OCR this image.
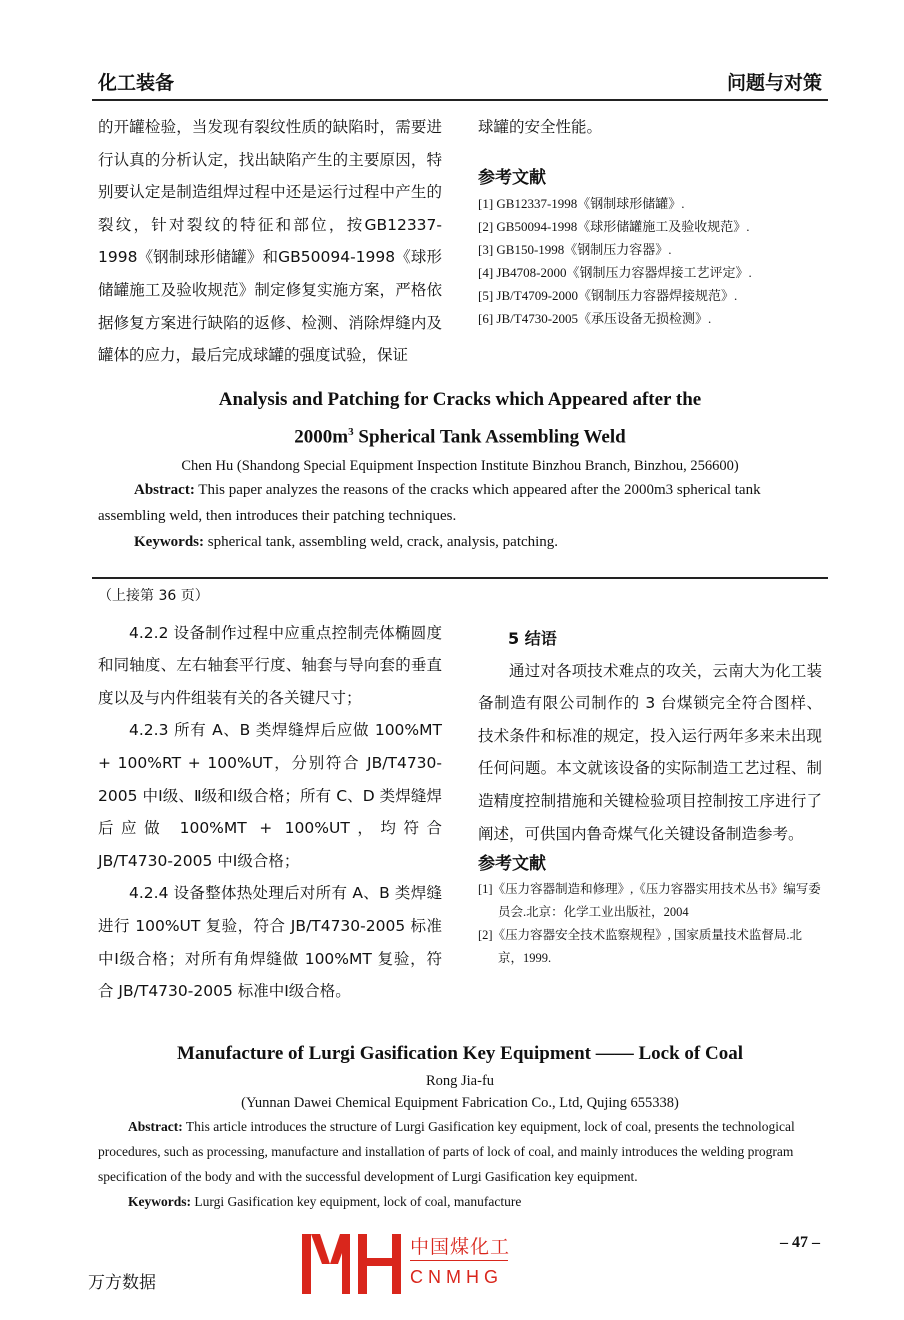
化工装备	问题与对策
的开罐检验，当发现有裂纹性质的缺陷时，需要进行认真的分析认定，找出缺陷产生的主要原因，特别要认定是制造组焊过程中还是运行过程中产生的裂纹，针对裂纹的特征和部位，按GB12337-1998《钢制球形储罐》和GB50094-1998《球形储罐施工及验收规范》制定修复实施方案，严格依据修复方案进行缺陷的返修、检测、消除焊缝内及罐体的应力，最后完成球罐的强度试验，保证
球罐的安全性能。
参考文献
[1] GB12337-1998《钢制球形储罐》.
[2] GB50094-1998《球形储罐施工及验收规范》.
[3] GB150-1998《钢制压力容器》.
[4] JB4708-2000《钢制压力容器焊接工艺评定》.
[5] JB/T4709-2000《钢制压力容器焊接规范》.
[6] JB/T4730-2005《承压设备无损检测》.
Analysis and Patching for Cracks which Appeared after the
$2000m^3$ Spherical Tank Assembling Weld
Chen Hu (Shandong Special Equipment Inspection Institute Binzhou Branch, Binzhou, 256600)
Abstract: This paper analyzes the reasons of the cracks which appeared after the 2000m3 spherical tank assembling weld, then introduces their patching techniques.
Keywords: spherical tank, assembling weld, crack, analysis, patching.
（上接第 36 页）

4.2.2 设备制作过程中应重点控制壳体椭圆度和同轴度、左右轴套平行度、轴套与导向套的垂直度以及与内件组装有关的各关键尺寸；

4.2.3 所有 A、B 类焊缝焊后应做 100%MT + 100%RT + 100%UT，分别符合 JB/T4730-2005 中Ⅰ级、Ⅱ级和Ⅰ级合格；所有 C、D 类焊缝焊后应做 100%MT + 100%UT，均符合 JB/T4730-2005 中Ⅰ级合格；

4.2.4 设备整体热处理后对所有 A、B 类焊缝进行 100%UT 复验，符合 JB/T4730-2005 标准中Ⅰ级合格；对所有角焊缝做 100%MT 复验，符合 JB/T4730-2005 标准中Ⅰ级合格。

5 结语
通过对各项技术难点的攻关，云南大为化工装备制造有限公司制作的 3 台煤锁完全符合图样、技术条件和标准的规定，投入运行两年多来未出现任何问题。本文就该设备的实际制造工艺过程、制造精度控制措施和关键检验项目控制按工序进行了阐述，可供国内鲁奇煤气化关键设备制造参考。
参考文献
[1]《压力容器制造和修理》,《压力容器实用技术丛书》编写委员会.北京：化学工业出版社，2004
[2]《压力容器安全技术监察规程》, 国家质量技术监督局.北京，1999.
Manufacture of Lurgi Gasification Key Equipment —— Lock of Coal
Rong Jia-fu
(Yunnan Dawei Chemical Equipment Fabrication Co., Ltd, Qujing 655338)
Abstract: This article introduces the structure of Lurgi Gasification key equipment, lock of coal, presents the technological procedures, such as processing, manufacture and installation of parts of lock of coal, and mainly introduces the welding program specification of the body and with the successful development of Lurgi Gasification key equipment.
Keywords: Lurgi Gasification key equipment, lock of coal, manufacture
中国煤化工
CNMHG
– 47 –
万方数据
